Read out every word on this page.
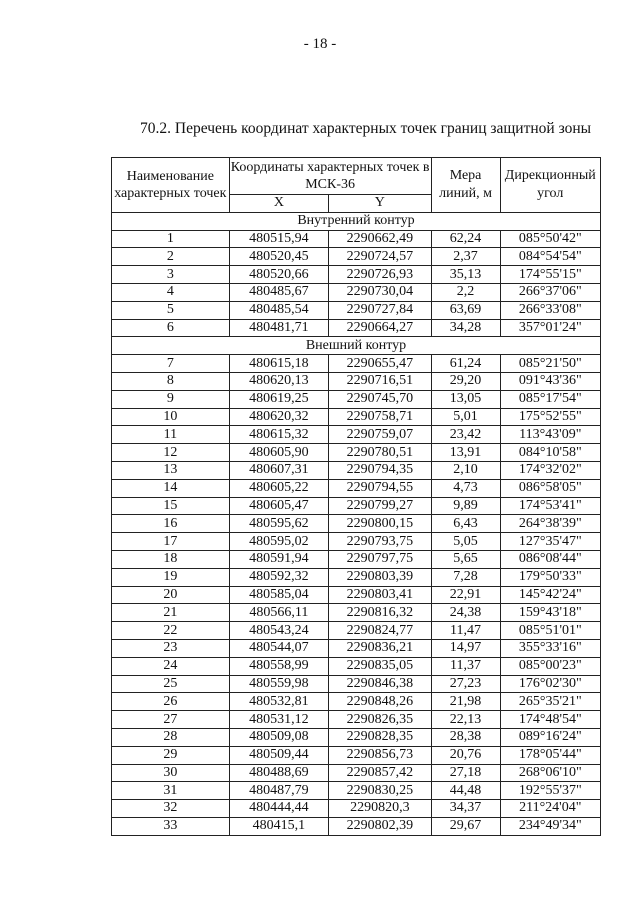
- 18 -
70.2. Перечень координат характерных точек границ защитной зоны
Наименование характерных точек	Координаты характерных точек в МСК-36		Мера линий, м	Дирекционный угол
	X	Y		
Внутренний контур				
1	480515,94	2290662,49	62,24	085°50'42"
2	480520,45	2290724,57	2,37	084°54'54"
3	480520,66	2290726,93	35,13	174°55'15"
4	480485,67	2290730,04	2,2	266°37'06"
5	480485,54	2290727,84	63,69	266°33'08"
6	480481,71	2290664,27	34,28	357°01'24"
Внешний контур				
7	480615,18	2290655,47	61,24	085°21'50"
8	480620,13	2290716,51	29,20	091°43'36"
9	480619,25	2290745,70	13,05	085°17'54"
10	480620,32	2290758,71	5,01	175°52'55"
11	480615,32	2290759,07	23,42	113°43'09"
12	480605,90	2290780,51	13,91	084°10'58"
13	480607,31	2290794,35	2,10	174°32'02"
14	480605,22	2290794,55	4,73	086°58'05"
15	480605,47	2290799,27	9,89	174°53'41"
16	480595,62	2290800,15	6,43	264°38'39"
17	480595,02	2290793,75	5,05	127°35'47"
18	480591,94	2290797,75	5,65	086°08'44"
19	480592,32	2290803,39	7,28	179°50'33"
20	480585,04	2290803,41	22,91	145°42'24"
21	480566,11	2290816,32	24,38	159°43'18"
22	480543,24	2290824,77	11,47	085°51'01"
23	480544,07	2290836,21	14,97	355°33'16"
24	480558,99	2290835,05	11,37	085°00'23"
25	480559,98	2290846,38	27,23	176°02'30"
26	480532,81	2290848,26	21,98	265°35'21"
27	480531,12	2290826,35	22,13	174°48'54"
28	480509,08	2290828,35	28,38	089°16'24"
29	480509,44	2290856,73	20,76	178°05'44"
30	480488,69	2290857,42	27,18	268°06'10"
31	480487,79	2290830,25	44,48	192°55'37"
32	480444,44	2290820,3	34,37	211°24'04"
33	480415,1	2290802,39	29,67	234°49'34"
